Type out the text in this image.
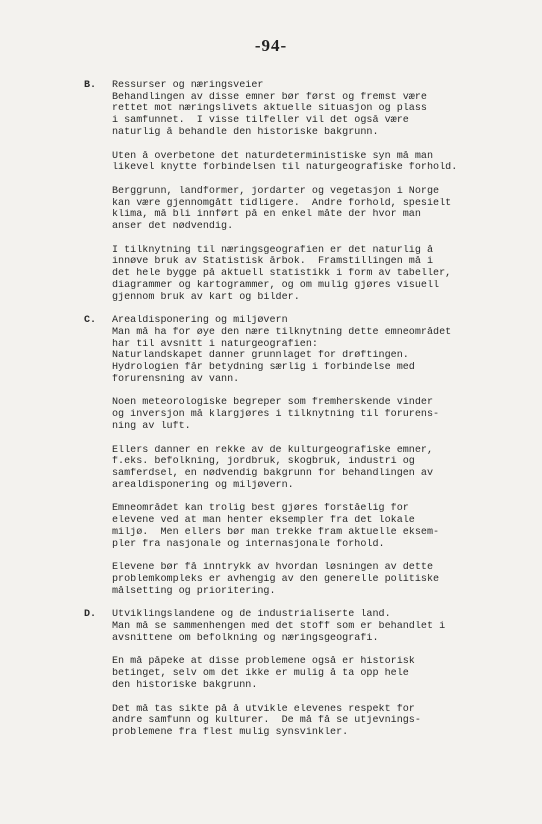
-94-
B. Ressurser og næringsveier
Behandlingen av disse emner bør først og fremst være
rettet mot næringslivets aktuelle situasjon og plass
i samfunnet.  I visse tilfeller vil det også være
naturlig å behandle den historiske bakgrunn.
Uten å overbetone det naturdeterministiske syn må man
likevel knytte forbindelsen til naturgeografiske forhold.
Berggrunn, landformer, jordarter og vegetasjon i Norge
kan være gjennomgått tidligere.  Andre forhold, spesielt
klima, må bli innført på en enkel måte der hvor man
anser det nødvendig.
I tilknytning til næringsgeografien er det naturlig å
innøve bruk av Statistisk årbok.  Framstillingen må i
det hele bygge på aktuell statistikk i form av tabeller,
diagrammer og kartogrammer, og om mulig gjøres visuell
gjennom bruk av kart og bilder.
C. Arealdisponering og miljøvern
Man må ha for øye den nære tilknytning dette emneområdet
har til avsnitt i naturgeografien:
Naturlandskapet danner grunnlaget for drøftingen.
Hydrologien får betydning særlig i forbindelse med
forurensning av vann.
Noen meteorologiske begreper som fremherskende vinder
og inversjon må klargjøres i tilknytning til forurens-
ning av luft.
Ellers danner en rekke av de kulturgeografiske emner,
f.eks. befolkning, jordbruk, skogbruk, industri og
samferdsel, en nødvendig bakgrunn for behandlingen av
arealdisponering og miljøvern.
Emneområdet kan trolig best gjøres forståelig for
elevene ved at man henter eksempler fra det lokale
miljø.  Men ellers bør man trekke fram aktuelle eksem-
pler fra nasjonale og internasjonale forhold.
Elevene bør få inntrykk av hvordan løsningen av dette
problemkompleks er avhengig av den generelle politiske
målsetting og prioritering.
D. Utviklingslandene og de industrialiserte land.
Man må se sammenhengen med det stoff som er behandlet i
avsnittene om befolkning og næringsgeografi.
En må påpeke at disse problemene også er historisk
betinget, selv om det ikke er mulig å ta opp hele
den historiske bakgrunn.
Det må tas sikte på å utvikle elevenes respekt for
andre samfunn og kulturer.  De må få se utjevnings-
problemene fra flest mulig synsvinkler.
